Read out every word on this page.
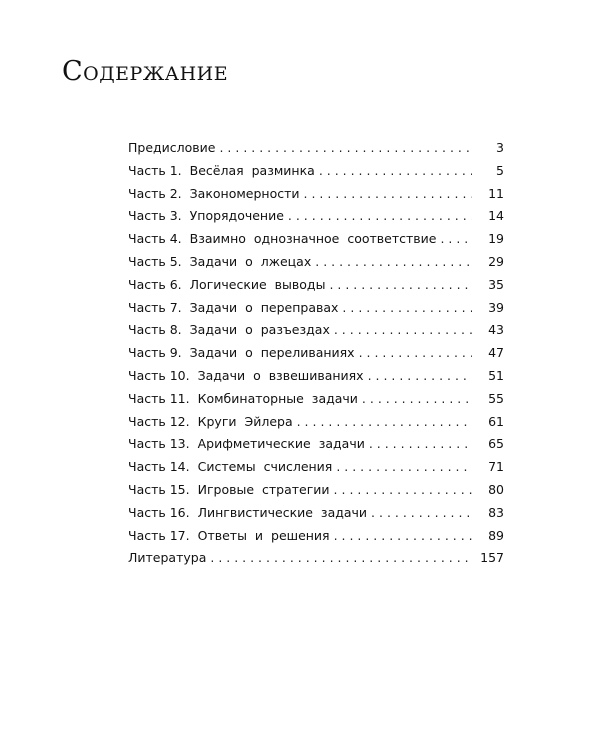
Содержание
Предисловие . . .	3
Часть 1. Весёлая разминка . . .	5
Часть 2. Закономерности . . .	11
Часть 3. Упорядочение . . .	14
Часть 4. Взаимно однозначное соответствие . . .	19
Часть 5. Задачи о лжецах . . .	29
Часть 6. Логические выводы . . .	35
Часть 7. Задачи о переправах . . .	39
Часть 8. Задачи о разъездах . . .	43
Часть 9. Задачи о переливаниях . . .	47
Часть 10. Задачи о взвешиваниях . . .	51
Часть 11. Комбинаторные задачи . . .	55
Часть 12. Круги Эйлера . . .	61
Часть 13. Арифметические задачи . . .	65
Часть 14. Системы счисления . . .	71
Часть 15. Игровые стратегии . . .	80
Часть 16. Лингвистические задачи . . .	83
Часть 17. Ответы и решения . . .	89
Литература . . .	157
